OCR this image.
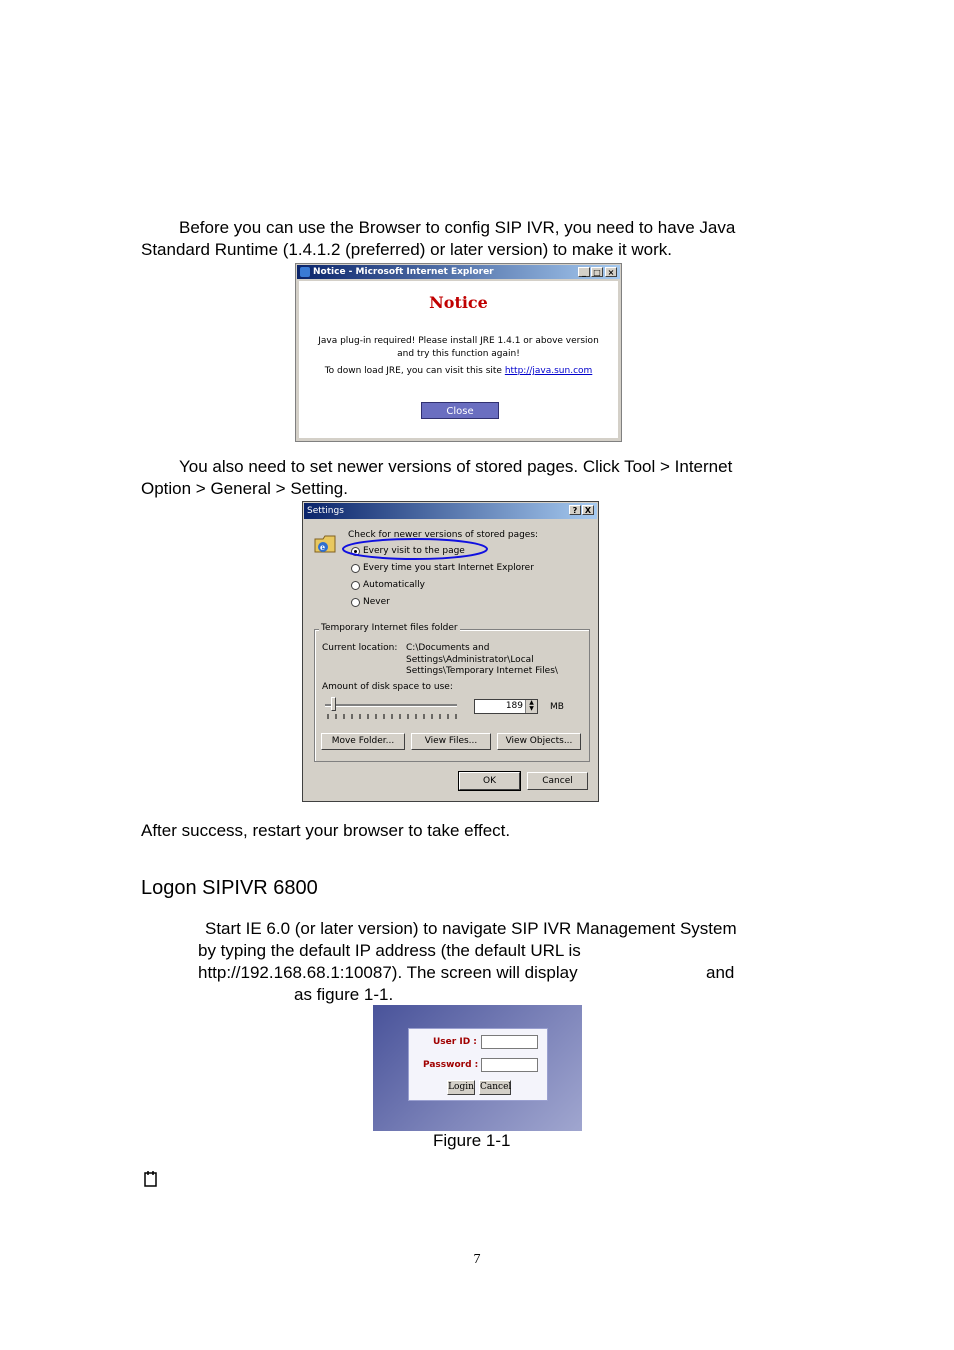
Before you can use the Browser to config SIP IVR, you need to have Java
Standard Runtime (1.4.1.2 (preferred) or later version) to make it work.
Notice - Microsoft Internet Explorer	_ □ ×
Notice
Java plug-in required! Please install JRE 1.4.1 or above version
and try this function again!
To down load JRE, you can visit this site http://java.sun.com
Close
You also need to set newer versions of stored pages. Click Tool > Internet
Option > General > Setting.
Settings	? X
e
Check for newer versions of stored pages:
Every visit to the page
Every time you start Internet Explorer
Automatically
Never
Temporary Internet files folder
Current location: C:\Documents and
Settings\Administrator\Local
Settings\Temporary Internet Files\
Amount of disk space to use:
189	▲
▼	MB
Move Folder...	View Files...	View Objects...
OK	Cancel
After success, restart your browser to take effect.
Logon SIPIVR 6800
Start IE 6.0 (or later version) to navigate SIP IVR Management System
by typing the default IP address (the default URL is
http://192.168.68.1:10087). The screen will display	and
as figure 1-1.
User ID :
Password :
Login Cancel
Figure 1-1
7
